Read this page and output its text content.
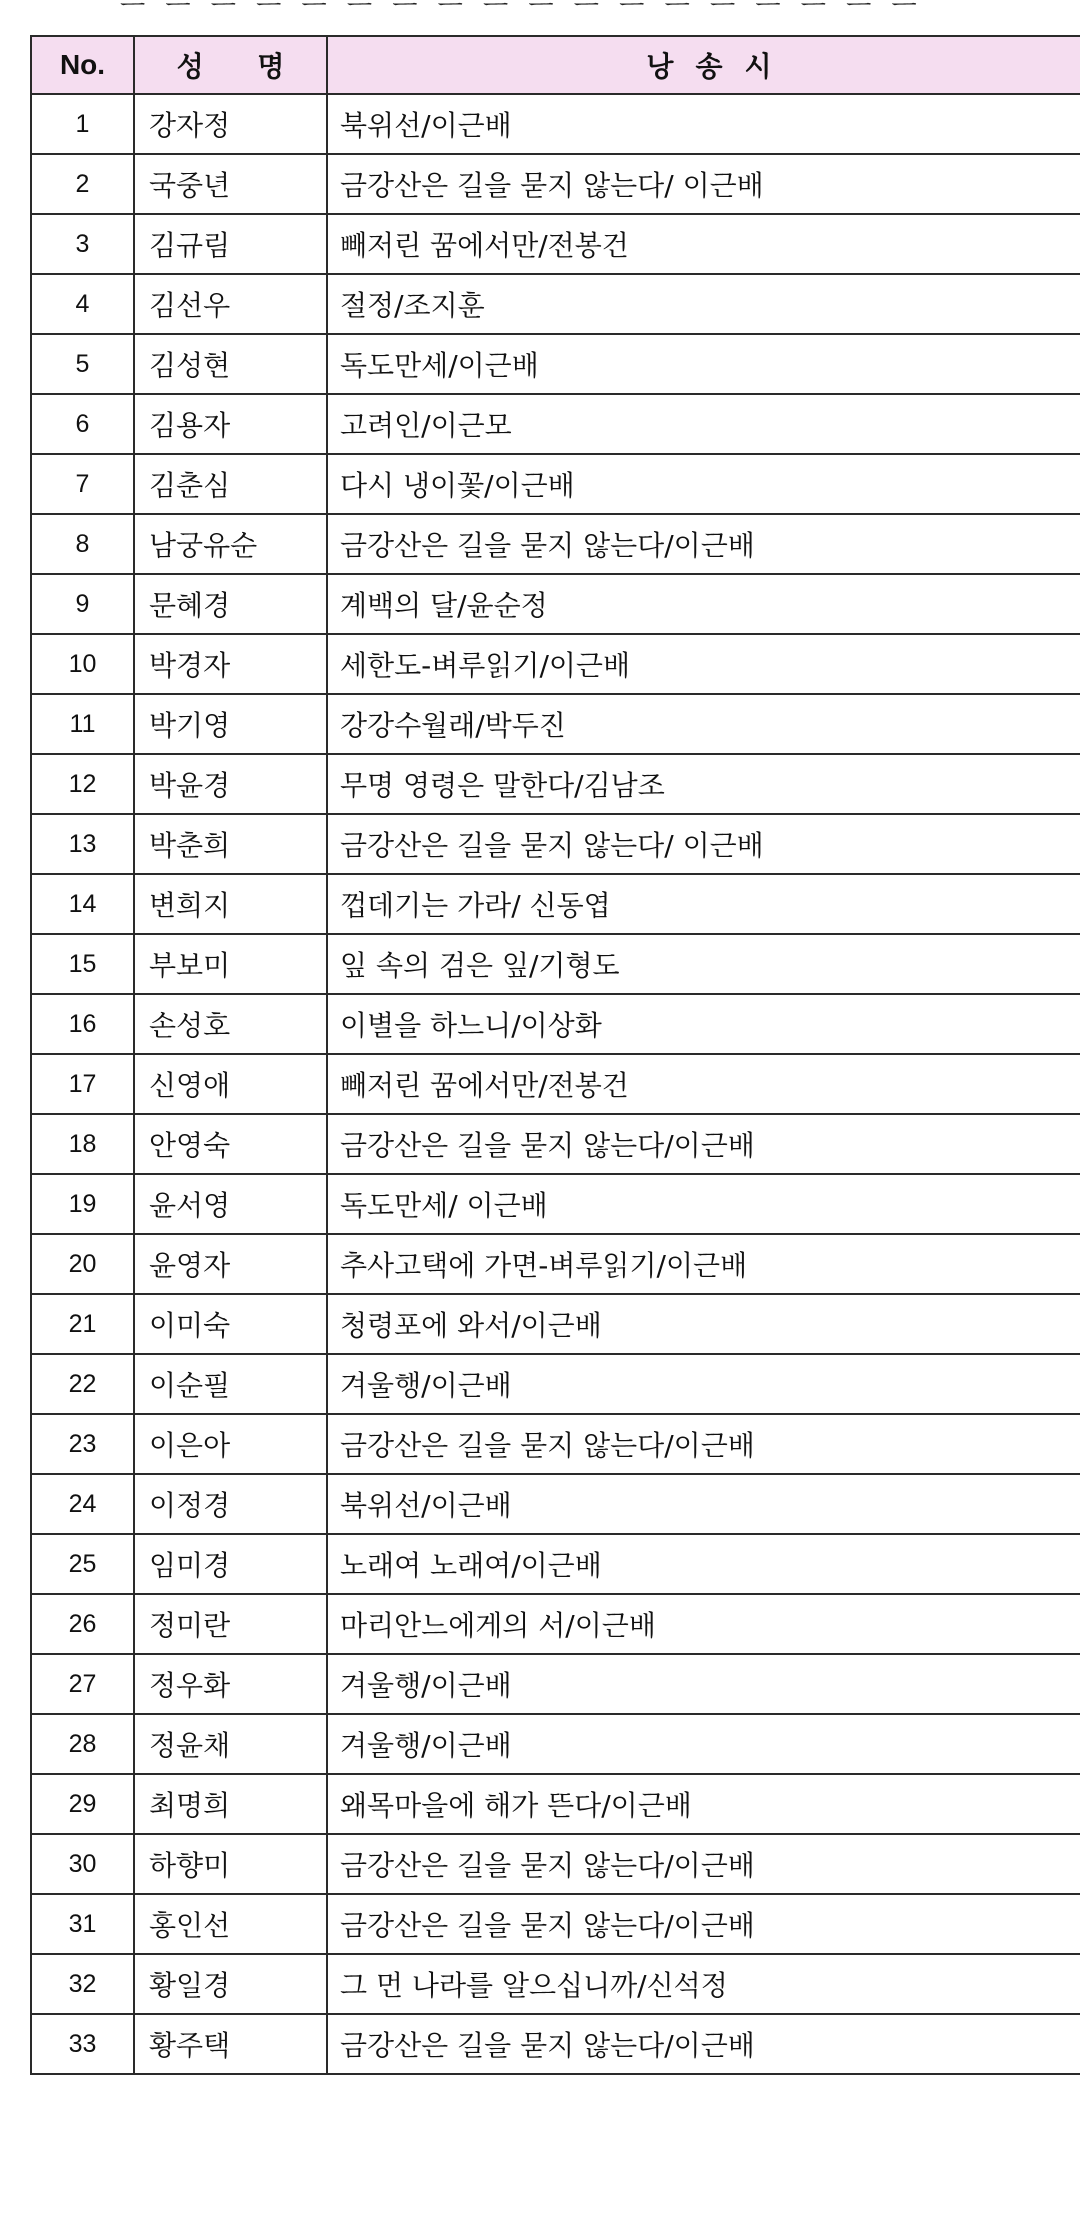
ㅡ ㅡ ㅡ ㅡ ㅡ ㅡ ㅡ ㅡ ㅡ ㅡ ㅡ ㅡ ㅡ ㅡ ㅡ ㅡ ㅡ ㅡ
No.	성 명	낭송시
1	강자정	북위선/이근배
2	국중년	금강산은 길을 묻지 않는다/ 이근배
3	김규림	빼저린 꿈에서만/전봉건
4	김선우	절정/조지훈
5	김성현	독도만세/이근배
6	김용자	고려인/이근모
7	김춘심	다시 냉이꽃/이근배
8	남궁유순	금강산은 길을 묻지 않는다/이근배
9	문혜경	계백의 달/윤순정
10	박경자	세한도-벼루읽기/이근배
11	박기영	강강수월래/박두진
12	박윤경	무명 영령은 말한다/김남조
13	박춘희	금강산은 길을 묻지 않는다/ 이근배
14	변희지	껍데기는 가라/ 신동엽
15	부보미	잎 속의 검은 잎/기형도
16	손성호	이별을 하느니/이상화
17	신영애	빼저린 꿈에서만/전봉건
18	안영숙	금강산은 길을 묻지 않는다/이근배
19	윤서영	독도만세/ 이근배
20	윤영자	추사고택에 가면-벼루읽기/이근배
21	이미숙	청령포에 와서/이근배
22	이순필	겨울행/이근배
23	이은아	금강산은 길을 묻지 않는다/이근배
24	이정경	북위선/이근배
25	임미경	노래여 노래여/이근배
26	정미란	마리안느에게의 서/이근배
27	정우화	겨울행/이근배
28	정윤채	겨울행/이근배
29	최명희	왜목마을에 해가 뜬다/이근배
30	하향미	금강산은 길을 묻지 않는다/이근배
31	홍인선	금강산은 길을 묻지 않는다/이근배
32	황일경	그 먼 나라를 알으십니까/신석정
33	황주택	금강산은 길을 묻지 않는다/이근배
